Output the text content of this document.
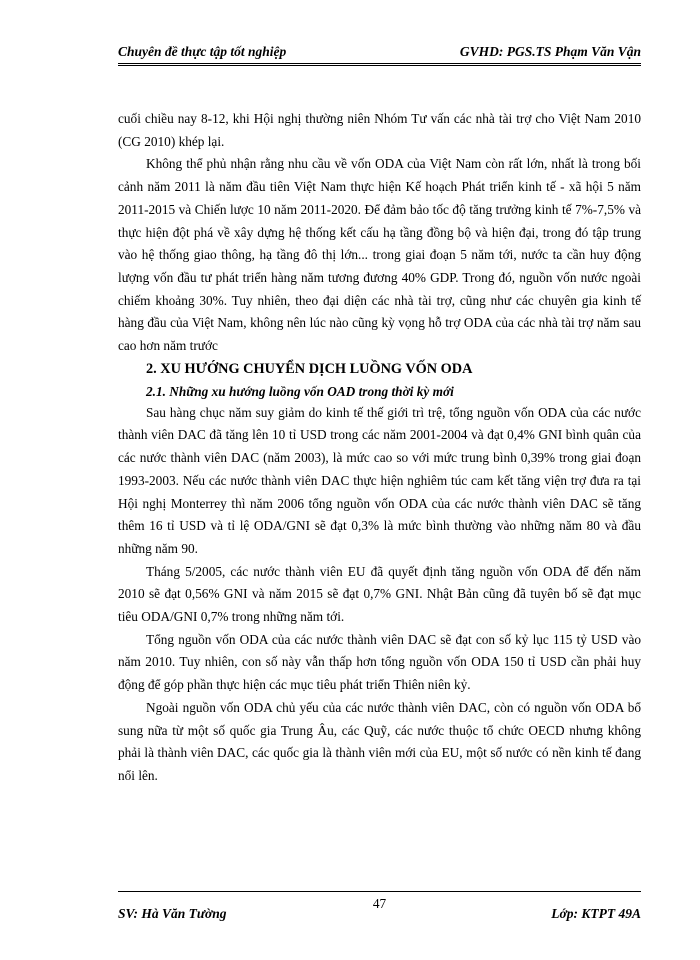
Chuyên đề thực tập tốt nghiệp	GVHD: PGS.TS Phạm Văn Vận

cuối chiều nay 8-12, khi Hội nghị thường niên Nhóm Tư vấn các nhà tài trợ cho Việt Nam 2010 (CG 2010) khép lại.

Không thể phủ nhận rằng nhu cầu về vốn ODA của Việt Nam còn rất lớn, nhất là trong bối cảnh năm 2011 là năm đầu tiên Việt Nam thực hiện Kế hoạch Phát triển kinh tế - xã hội 5 năm 2011-2015 và Chiến lược 10 năm 2011-2020. Để đảm bảo tốc độ tăng trưởng kinh tế 7%-7,5% và thực hiện đột phá về xây dựng hệ thống kết cấu hạ tầng đồng bộ và hiện đại, trong đó tập trung vào hệ thống giao thông, hạ tầng đô thị lớn... trong giai đoạn 5 năm tới, nước ta cần huy động lượng vốn đầu tư phát triển hàng năm tương đương 40% GDP. Trong đó, nguồn vốn nước ngoài chiếm khoảng 30%. Tuy nhiên, theo đại diện các nhà tài trợ, cũng như các chuyên gia kinh tế hàng đầu của Việt Nam, không nên lúc nào cũng kỳ vọng hỗ trợ ODA của các nhà tài trợ năm sau cao hơn năm trước

2. XU HƯỚNG CHUYỂN DỊCH LUỒNG VỐN ODA
2.1. Những xu hướng luồng vốn OAD trong thời kỳ mới

Sau hàng chục năm suy giảm do kinh tế thế giới trì trệ, tổng nguồn vốn ODA của các nước thành viên DAC đã tăng lên 10 tỉ USD trong các năm 2001-2004 và đạt 0,4% GNI bình quân của các nước thành viên DAC (năm 2003), là mức cao so với mức trung bình 0,39% trong giai đoạn 1993-2003. Nếu các nước thành viên DAC thực hiện nghiêm túc cam kết tăng viện trợ đưa ra tại Hội nghị Monterrey thì năm 2006 tổng nguồn vốn ODA của các nước thành viên DAC sẽ tăng thêm 16 tỉ USD và tỉ lệ ODA/GNI sẽ đạt 0,3% là mức bình thường vào những năm 80 và đầu những năm 90.

Tháng 5/2005, các nước thành viên EU đã quyết định tăng nguồn vốn ODA để đến năm 2010 sẽ đạt 0,56% GNI và năm 2015 sẽ đạt 0,7% GNI. Nhật Bản cũng đã tuyên bố sẽ đạt mục tiêu ODA/GNI 0,7% trong những năm tới.

Tổng nguồn vốn ODA của các nước thành viên DAC sẽ đạt con số kỷ lục 115 tỷ USD vào năm 2010. Tuy nhiên, con số này vẫn thấp hơn tổng nguồn vốn ODA 150 tỉ USD cần phải huy động để góp phần thực hiện các mục tiêu phát triển Thiên niên kỷ.

Ngoài nguồn vốn ODA chủ yếu của các nước thành viên DAC, còn có nguồn vốn ODA bổ sung nữa từ một số quốc gia Trung Âu, các Quỹ, các nước thuộc tổ chức OECD nhưng không phải là thành viên DAC, các quốc gia là thành viên mới của EU, một số nước có nền kinh tế đang nổi lên.

SV: Hà Văn Tường
47
Lớp: KTPT 49A
